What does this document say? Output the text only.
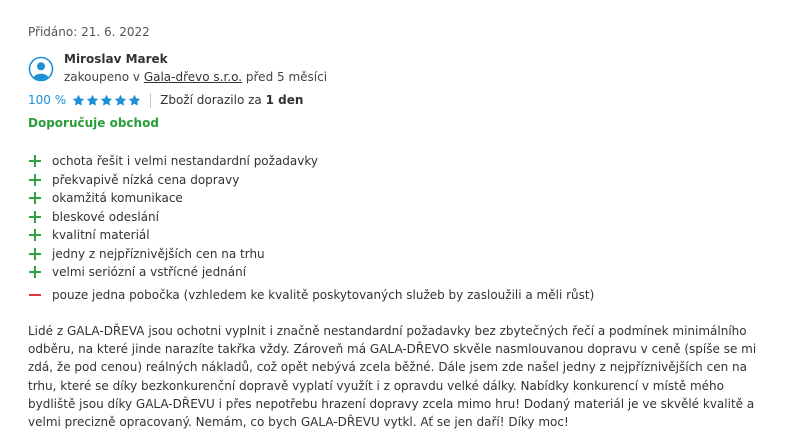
Přidáno: 21. 6. 2022
Miroslav Marek
zakoupeno v Gala-dřevo s.r.o. před 5 měsíci
100 %	Zboží dorazilo za 1 den
Doporučuje obchod
ochota řešit i velmi nestandardní požadavky
překvapivě nízká cena dopravy
okamžitá komunikace
bleskové odeslání
kvalitní materiál
jedny z nejpříznivějších cen na trhu
velmi seriózní a vstřícné jednání
pouze jedna pobočka (vzhledem ke kvalitě poskytovaných služeb by zasloužili a měli růst)

Lidé z GALA-DŘEVA jsou ochotni vyplnit i značně nestandardní požadavky bez zbytečných řečí a podmínek minimálního odběru, na které jinde narazíte takřka vždy. Zároveň má GALA-DŘEVO skvěle nasmlouvanou dopravu v ceně (spíše se mi zdá, že pod cenou) reálných nákladů, což opět nebývá zcela běžné. Dále jsem zde našel jedny z nejpříznivějších cen na trhu, které se díky bezkonkurenční dopravě vyplatí využít i z opravdu velké dálky. Nabídky konkurencí v místě mého bydliště jsou díky GALA-DŘEVU i přes nepotřebu hrazení dopravy zcela mimo hru! Dodaný materiál je ve skvělé kvalitě a velmi precizně opracovaný. Nemám, co bych GALA-DŘEVU vytkl. Ať se jen daří! Díky moc!
